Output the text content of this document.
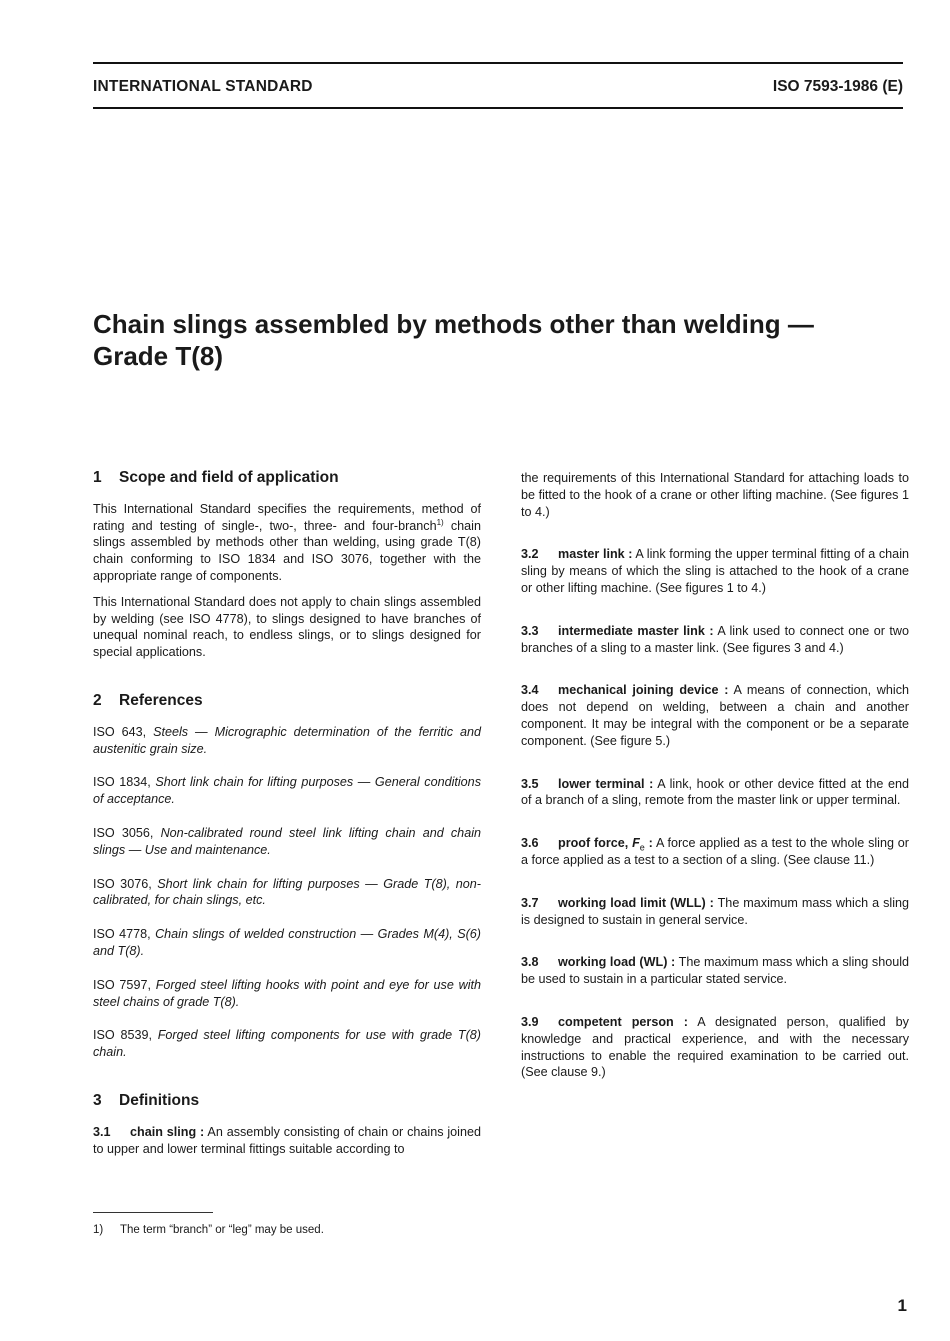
INTERNATIONAL STANDARD	ISO 7593-1986 (E)
Chain slings assembled by methods other than welding —
Grade T(8)
1 Scope and field of application

This International Standard specifies the requirements, method of rating and testing of single-, two-, three- and four-branch$^{1)}$ chain slings assembled by methods other than welding, using grade T(8) chain conforming to ISO 1834 and ISO 3076, together with the appropriate range of components.

This International Standard does not apply to chain slings assembled by welding (see ISO 4778), to slings designed to have branches of unequal nominal reach, to endless slings, or to slings designed for special applications.

2 References

ISO 643, Steels — Micrographic determination of the ferritic and austenitic grain size.

ISO 1834, Short link chain for lifting purposes — General conditions of acceptance.

ISO 3056, Non-calibrated round steel link lifting chain and chain slings — Use and maintenance.

ISO 3076, Short link chain for lifting purposes — Grade T(8), non-calibrated, for chain slings, etc.

ISO 4778, Chain slings of welded construction — Grades M(4), S(6) and T(8).

ISO 7597, Forged steel lifting hooks with point and eye for use with steel chains of grade T(8).

ISO 8539, Forged steel lifting components for use with grade T(8) chain.

3 Definitions

3.1 chain sling : An assembly consisting of chain or chains joined to upper and lower terminal fittings suitable according to

the requirements of this International Standard for attaching loads to be fitted to the hook of a crane or other lifting machine. (See figures 1 to 4.)

3.2 master link : A link forming the upper terminal fitting of a chain sling by means of which the sling is attached to the hook of a crane or other lifting machine. (See figures 1 to 4.)

3.3 intermediate master link : A link used to connect one or two branches of a sling to a master link. (See figures 3 and 4.)

3.4 mechanical joining device : A means of connection, which does not depend on welding, between a chain and another component. It may be integral with the component or be a separate component. (See figure 5.)

3.5 lower terminal : A link, hook or other device fitted at the end of a branch of a sling, remote from the master link or upper terminal.

3.6 proof force, $F_e$ : A force applied as a test to the whole sling or a force applied as a test to a section of a sling. (See clause 11.)

3.7 working load limit (WLL) : The maximum mass which a sling is designed to sustain in general service.

3.8 working load (WL) : The maximum mass which a sling should be used to sustain in a particular stated service.

3.9 competent person : A designated person, qualified by knowledge and practical experience, and with the necessary instructions to enable the required examination to be carried out. (See clause 9.)

1) The term “branch” or “leg” may be used.
1
